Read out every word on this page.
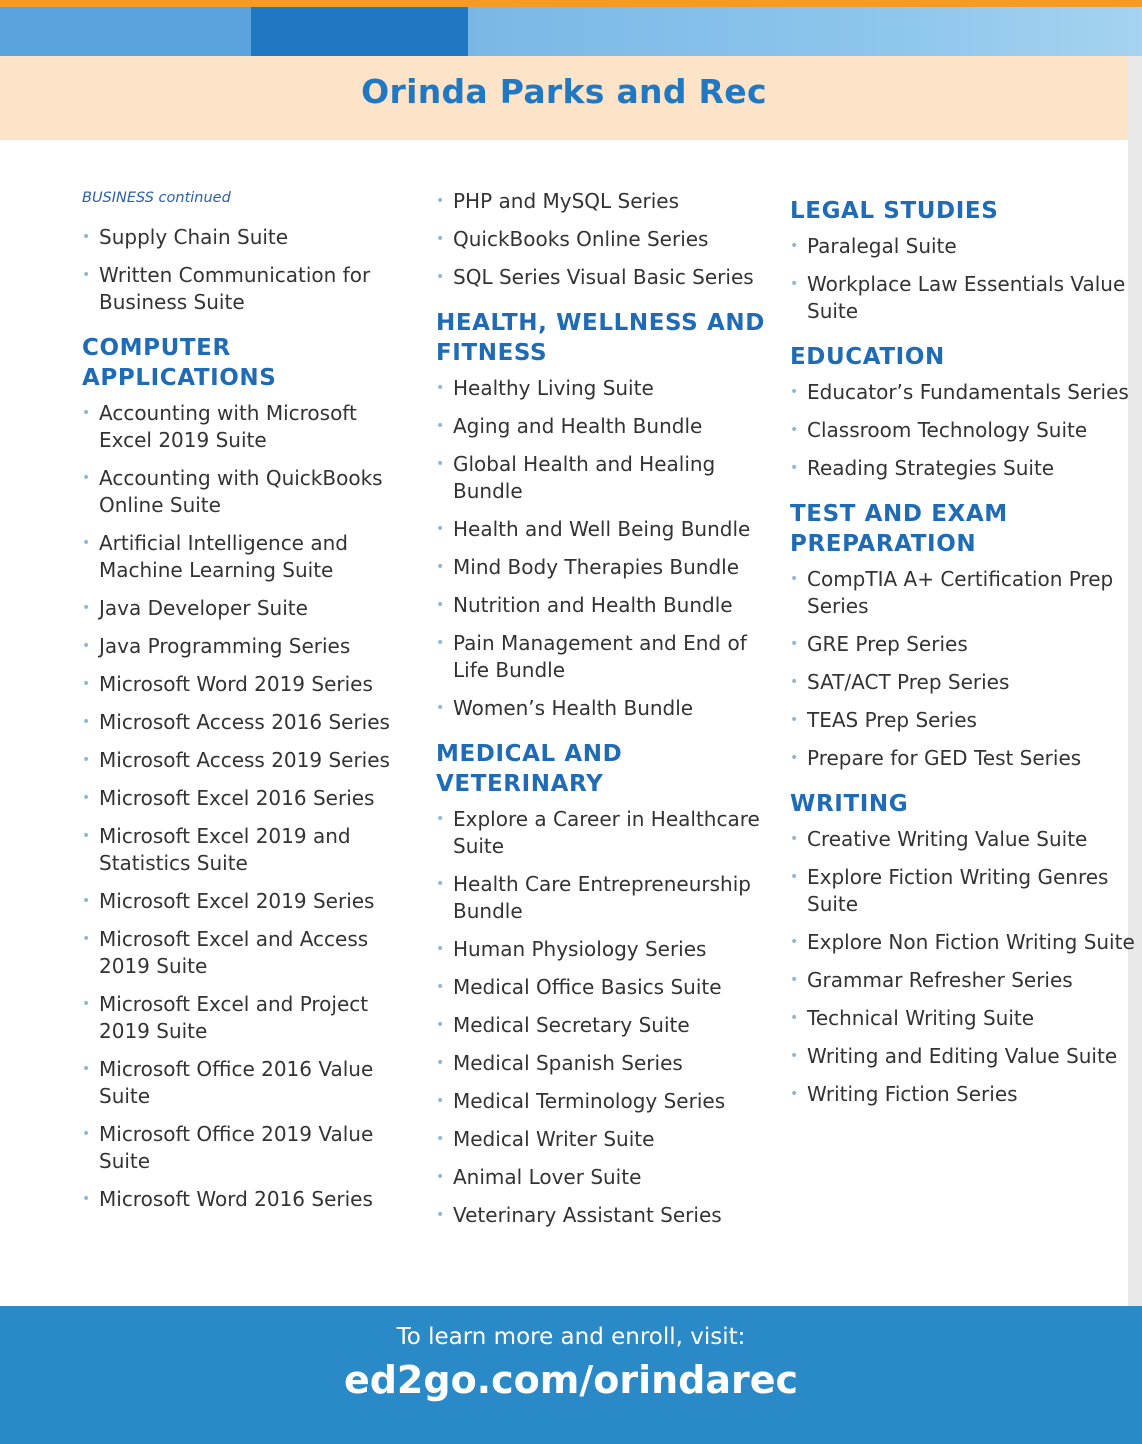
Orinda Parks and Rec
BUSINESS continued
• Supply Chain Suite
• Written Communication for Business Suite
COMPUTER APPLICATIONS
• Accounting with Microsoft Excel 2019 Suite
• Accounting with QuickBooks Online Suite
• Artificial Intelligence and Machine Learning Suite
• Java Developer Suite
• Java Programming Series
• Microsoft Word 2019 Series
• Microsoft Access 2016 Series
• Microsoft Access 2019 Series
• Microsoft Excel 2016 Series
• Microsoft Excel 2019 and Statistics Suite
• Microsoft Excel 2019 Series
• Microsoft Excel and Access 2019 Suite
• Microsoft Excel and Project 2019 Suite
• Microsoft Office 2016 Value Suite
• Microsoft Office 2019 Value Suite
• Microsoft Word 2016 Series
• PHP and MySQL Series
• QuickBooks Online Series
• SQL Series Visual Basic Series
HEALTH, WELLNESS AND FITNESS
• Healthy Living Suite
• Aging and Health Bundle
• Global Health and Healing Bundle
• Health and Well Being Bundle
• Mind Body Therapies Bundle
• Nutrition and Health Bundle
• Pain Management and End of Life Bundle
• Women’s Health Bundle
MEDICAL AND VETERINARY
• Explore a Career in Healthcare Suite
• Health Care Entrepreneurship Bundle
• Human Physiology Series
• Medical Office Basics Suite
• Medical Secretary Suite
• Medical Spanish Series
• Medical Terminology Series
• Medical Writer Suite
• Animal Lover Suite
• Veterinary Assistant Series
LEGAL STUDIES
• Paralegal Suite
• Workplace Law Essentials Value Suite
EDUCATION
• Educator’s Fundamentals Series
• Classroom Technology Suite
• Reading Strategies Suite
TEST AND EXAM PREPARATION
• CompTIA A+ Certification Prep Series
• GRE Prep Series
• SAT/ACT Prep Series
• TEAS Prep Series
• Prepare for GED Test Series
WRITING
• Creative Writing Value Suite
• Explore Fiction Writing Genres Suite
• Explore Non Fiction Writing Suite
• Grammar Refresher Series
• Technical Writing Suite
• Writing and Editing Value Suite
• Writing Fiction Series
To learn more and enroll, visit:
ed2go.com/orindarec
